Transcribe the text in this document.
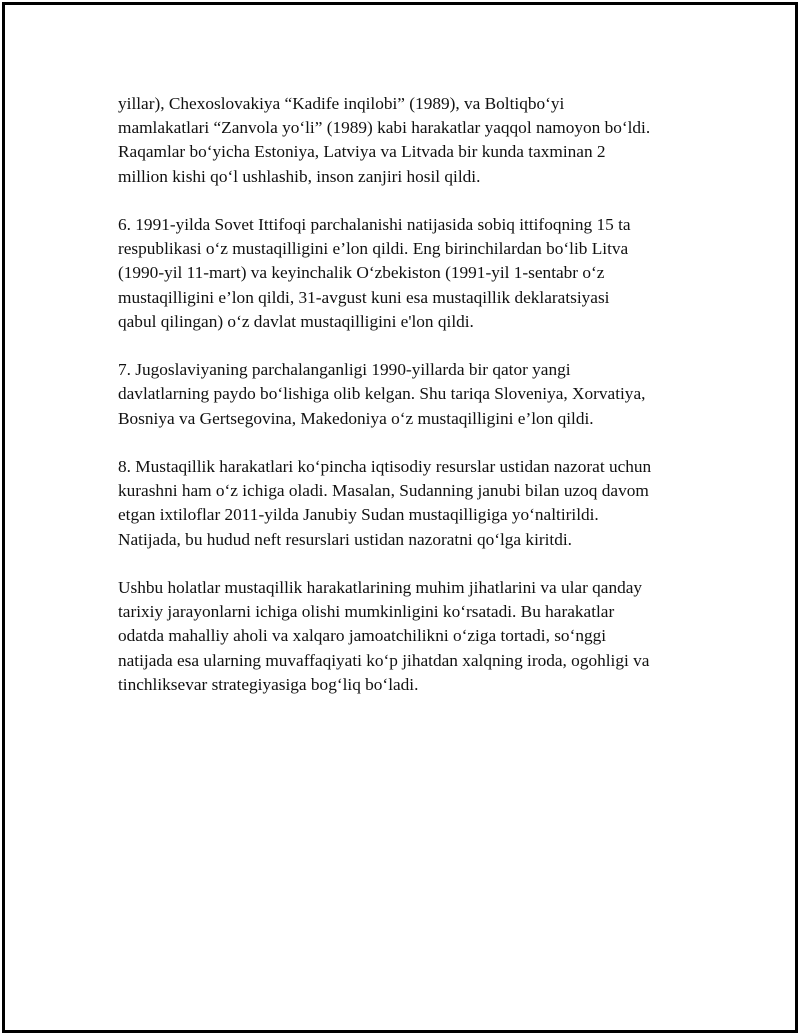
yillar), Chexoslovakiya “Kadife inqilobi” (1989), va Boltiqbo‘yi
mamlakatlari “Zanvola yo‘li” (1989) kabi harakatlar yaqqol namoyon bo‘ldi.
Raqamlar bo‘yicha Estoniya, Latviya va Litvada bir kunda taxminan 2
million kishi qo‘l ushlashib, inson zanjiri hosil qildi.

6. 1991-yilda Sovet Ittifoqi parchalanishi natijasida sobiq ittifoqning 15 ta
respublikasi o‘z mustaqilligini e’lon qildi. Eng birinchilardan bo‘lib Litva
(1990-yil 11-mart) va keyinchalik O‘zbekiston (1991-yil 1-sentabr o‘z
mustaqilligini e’lon qildi, 31-avgust kuni esa mustaqillik deklaratsiyasi
qabul qilingan) o‘z davlat mustaqilligini e'lon qildi.

7. Jugoslaviyaning parchalanganligi 1990-yillarda bir qator yangi
davlatlarning paydo bo‘lishiga olib kelgan. Shu tariqa Sloveniya, Xorvatiya,
Bosniya va Gertsegovina, Makedoniya o‘z mustaqilligini e’lon qildi.

8. Mustaqillik harakatlari ko‘pincha iqtisodiy resurslar ustidan nazorat uchun
kurashni ham o‘z ichiga oladi. Masalan, Sudanning janubi bilan uzoq davom
etgan ixtiloflar 2011-yilda Janubiy Sudan mustaqilligiga yo‘naltirildi.
Natijada, bu hudud neft resurslari ustidan nazoratni qo‘lga kiritdi.

Ushbu holatlar mustaqillik harakatlarining muhim jihatlarini va ular qanday
tarixiy jarayonlarni ichiga olishi mumkinligini ko‘rsatadi. Bu harakatlar
odatda mahalliy aholi va xalqaro jamoatchilikni o‘ziga tortadi, so‘nggi
natijada esa ularning muvaffaqiyati ko‘p jihatdan xalqning iroda, ogohligi va
tinchliksevar strategiyasiga bog‘liq bo‘ladi.
